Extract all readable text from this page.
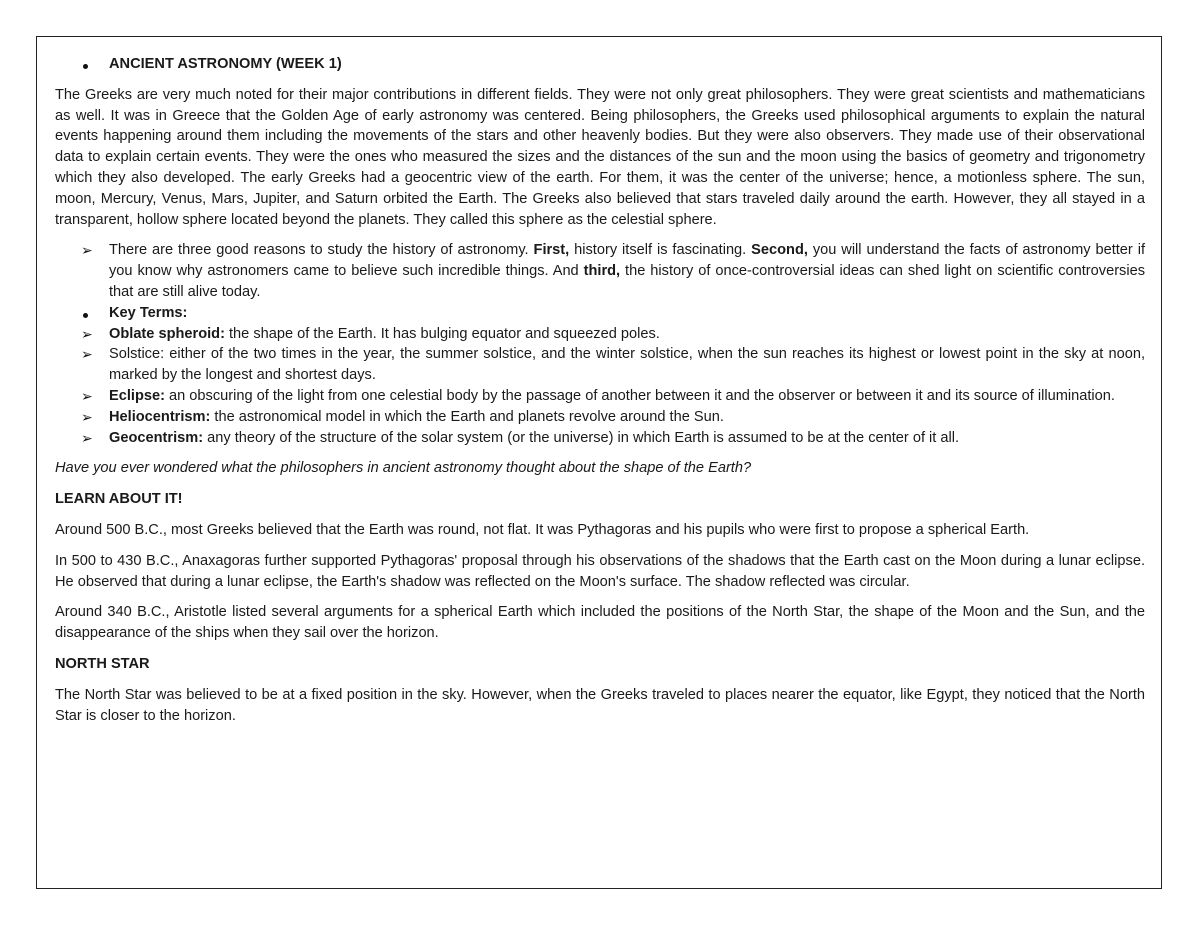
ANCIENT ASTRONOMY (WEEK 1)

The Greeks are very much noted for their major contributions in different fields. They were not only great philosophers. They were great scientists and mathematicians as well. It was in Greece that the Golden Age of early astronomy was centered. Being philosophers, the Greeks used philosophical arguments to explain the natural events happening around them including the movements of the stars and other heavenly bodies. But they were also observers. They made use of their observational data to explain certain events. They were the ones who measured the sizes and the distances of the sun and the moon using the basics of geometry and trigonometry which they also developed. The early Greeks had a geocentric view of the earth. For them, it was the center of the universe; hence, a motionless sphere. The sun, moon, Mercury, Venus, Mars, Jupiter, and Saturn orbited the Earth. The Greeks also believed that stars traveled daily around the earth. However, they all stayed in a transparent, hollow sphere located beyond the planets. They called this sphere as the celestial sphere.

➢	There are three good reasons to study the history of astronomy. First, history itself is fascinating. Second, you will understand the facts of astronomy better if you know why astronomers came to believe such incredible things. And third, the history of once-controversial ideas can shed light on scientific controversies that are still alive today.
Key Terms:
➢	Oblate spheroid: the shape of the Earth. It has bulging equator and squeezed poles.
➢	Solstice: either of the two times in the year, the summer solstice, and the winter solstice, when the sun reaches its highest or lowest point in the sky at noon, marked by the longest and shortest days.
➢	Eclipse: an obscuring of the light from one celestial body by the passage of another between it and the observer or between it and its source of illumination.
➢	Heliocentrism: the astronomical model in which the Earth and planets revolve around the Sun.
➢	Geocentrism: any theory of the structure of the solar system (or the universe) in which Earth is assumed to be at the center of it all.

Have you ever wondered what the philosophers in ancient astronomy thought about the shape of the Earth?

LEARN ABOUT IT!

Around 500 B.C., most Greeks believed that the Earth was round, not flat. It was Pythagoras and his pupils who were first to propose a spherical Earth.

In 500 to 430 B.C., Anaxagoras further supported Pythagoras' proposal through his observations of the shadows that the Earth cast on the Moon during a lunar eclipse. He observed that during a lunar eclipse, the Earth's shadow was reflected on the Moon's surface. The shadow reflected was circular.

Around 340 B.C., Aristotle listed several arguments for a spherical Earth which included the positions of the North Star, the shape of the Moon and the Sun, and the disappearance of the ships when they sail over the horizon.

NORTH STAR

The North Star was believed to be at a fixed position in the sky. However, when the Greeks traveled to places nearer the equator, like Egypt, they noticed that the North Star is closer to the horizon.
